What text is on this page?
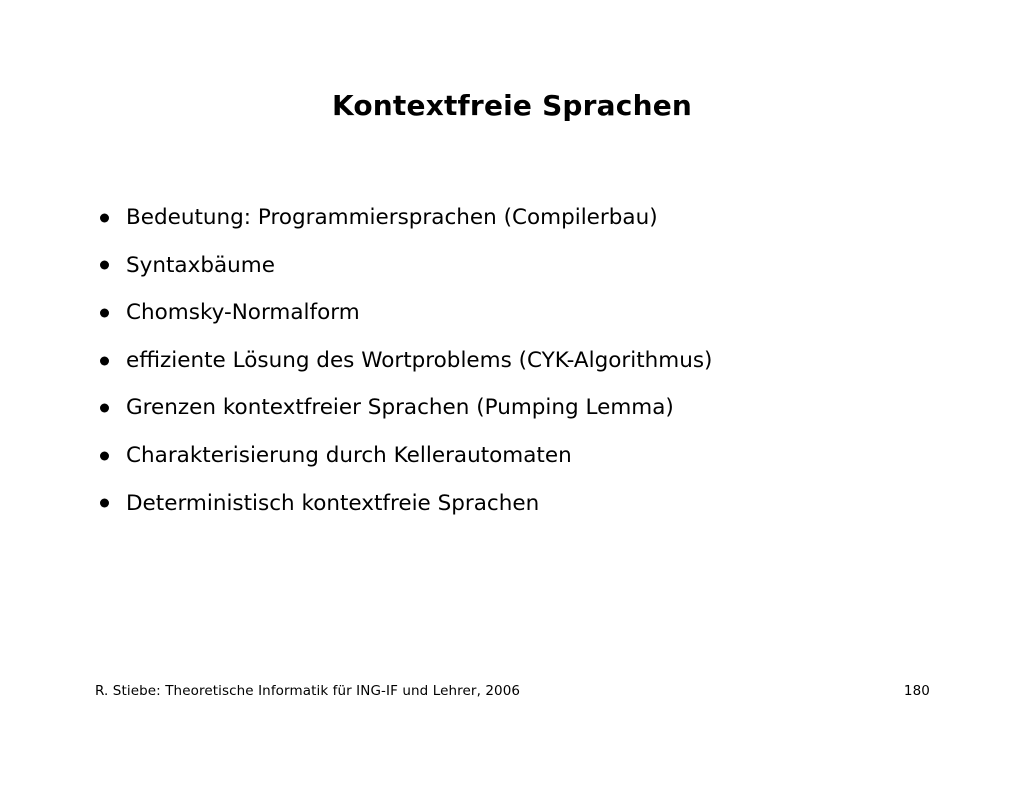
Kontextfreie Sprachen
Bedeutung: Programmiersprachen (Compilerbau)
Syntaxbäume
Chomsky-Normalform
effiziente Lösung des Wortproblems (CYK-Algorithmus)
Grenzen kontextfreier Sprachen (Pumping Lemma)
Charakterisierung durch Kellerautomaten
Deterministisch kontextfreie Sprachen
R. Stiebe: Theoretische Informatik für ING-IF und Lehrer, 2006	180
